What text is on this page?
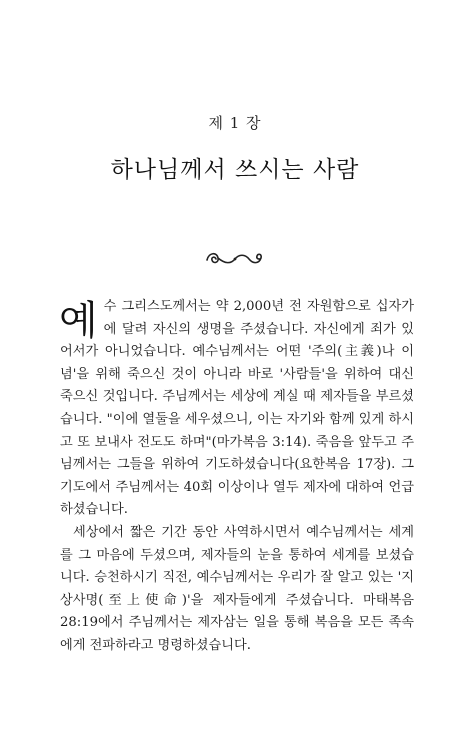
제 1 장
하나님께서 쓰시는 사람

예수 그리스도께서는 약 2,000년 전 자원함으로 십자가에 달려 자신의 생명을 주셨습니다. 자신에게 죄가 있어서가 아니었습니다. 예수님께서는 어떤 '주의(主義)나 이념'을 위해 죽으신 것이 아니라 바로 '사람들'을 위하여 대신 죽으신 것입니다. 주님께서는 세상에 계실 때 제자들을 부르셨습니다. "이에 열둘을 세우셨으니, 이는 자기와 함께 있게 하시고 또 보내사 전도도 하며"(마가복음 3:14). 죽음을 앞두고 주님께서는 그들을 위하여 기도하셨습니다(요한복음 17장). 그 기도에서 주님께서는 40회 이상이나 열두 제자에 대하여 언급하셨습니다.

세상에서 짧은 기간 동안 사역하시면서 예수님께서는 세계를 그 마음에 두셨으며, 제자들의 눈을 통하여 세계를 보셨습니다. 승천하시기 직전, 예수님께서는 우리가 잘 알고 있는 '지상사명(至上使命)'을 제자들에게 주셨습니다. 마태복음 28:19에서 주님께서는 제자삼는 일을 통해 복음을 모든 족속에게 전파하라고 명령하셨습니다.
